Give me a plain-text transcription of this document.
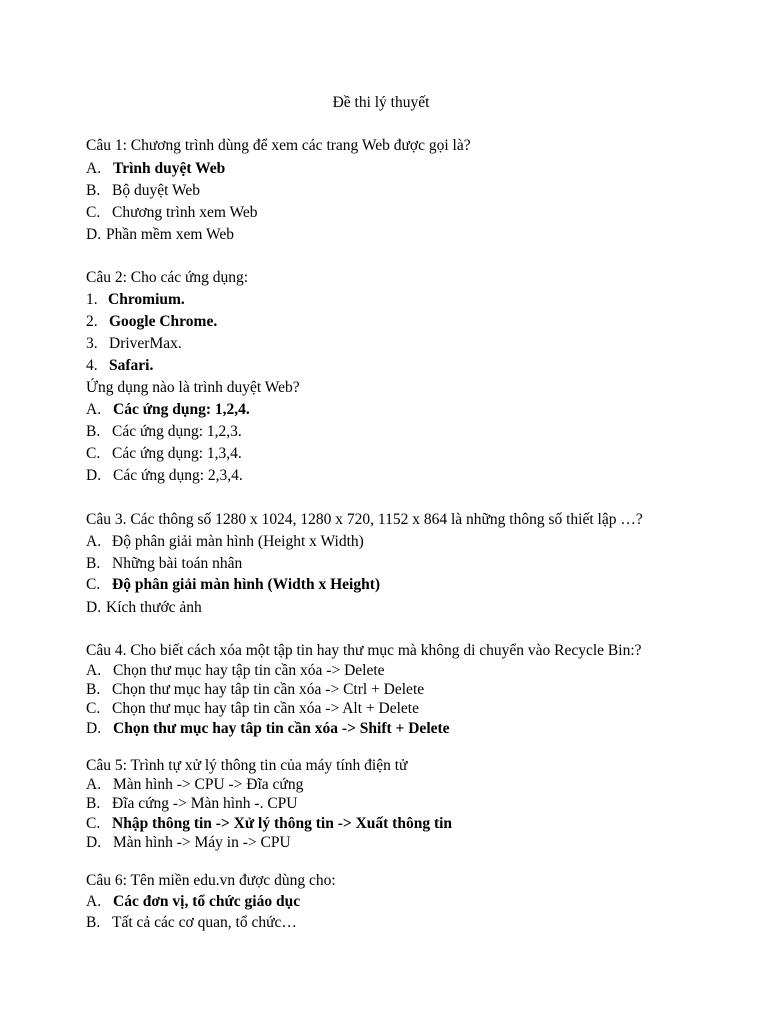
Đề thi lý thuyết
Câu 1: Chương trình dùng để xem các trang Web được gọi là?
A. Trình duyệt Web
B. Bộ duyệt Web
C. Chương trình xem Web
D. Phần mềm xem Web
Câu 2: Cho các ứng dụng:
1. Chromium.
2. Google Chrome.
3. DriverMax.
4. Safari.
Ứng dụng nào là trình duyệt Web?
A. Các ứng dụng: 1,2,4.
B. Các ứng dụng: 1,2,3.
C. Các ứng dụng: 1,3,4.
D. Các ứng dụng: 2,3,4.
Câu 3. Các thông số 1280 x 1024, 1280 x 720, 1152 x 864 là những thông số thiết lập …?
A. Độ phân giải màn hình (Height x Width)
B. Những bài toán nhân
C. Độ phân giải màn hình (Width x Height)
D. Kích thước ảnh
Câu 4. Cho biết cách xóa một tập tin hay thư mục mà không di chuyển vào Recycle Bin:?
A. Chọn thư mục hay tập tin cần xóa -> Delete
B. Chọn thư mục hay tâp tin cần xóa -> Ctrl + Delete
C. Chọn thư mục hay tâp tin cần xóa -> Alt + Delete
D. Chọn thư mục hay tâp tin cần xóa -> Shift + Delete
Câu 5: Trình tự xử lý thông tin của máy tính điện tử
A. Màn hình -> CPU -> Đĩa cứng
B. Đĩa cứng -> Màn hình -. CPU
C. Nhập thông tin -> Xử lý thông tin -> Xuất thông tin
D. Màn hình -> Máy in -> CPU
Câu 6: Tên miền edu.vn được dùng cho:
A. Các đơn vị, tổ chức giáo dục
B. Tất cả các cơ quan, tổ chức…
